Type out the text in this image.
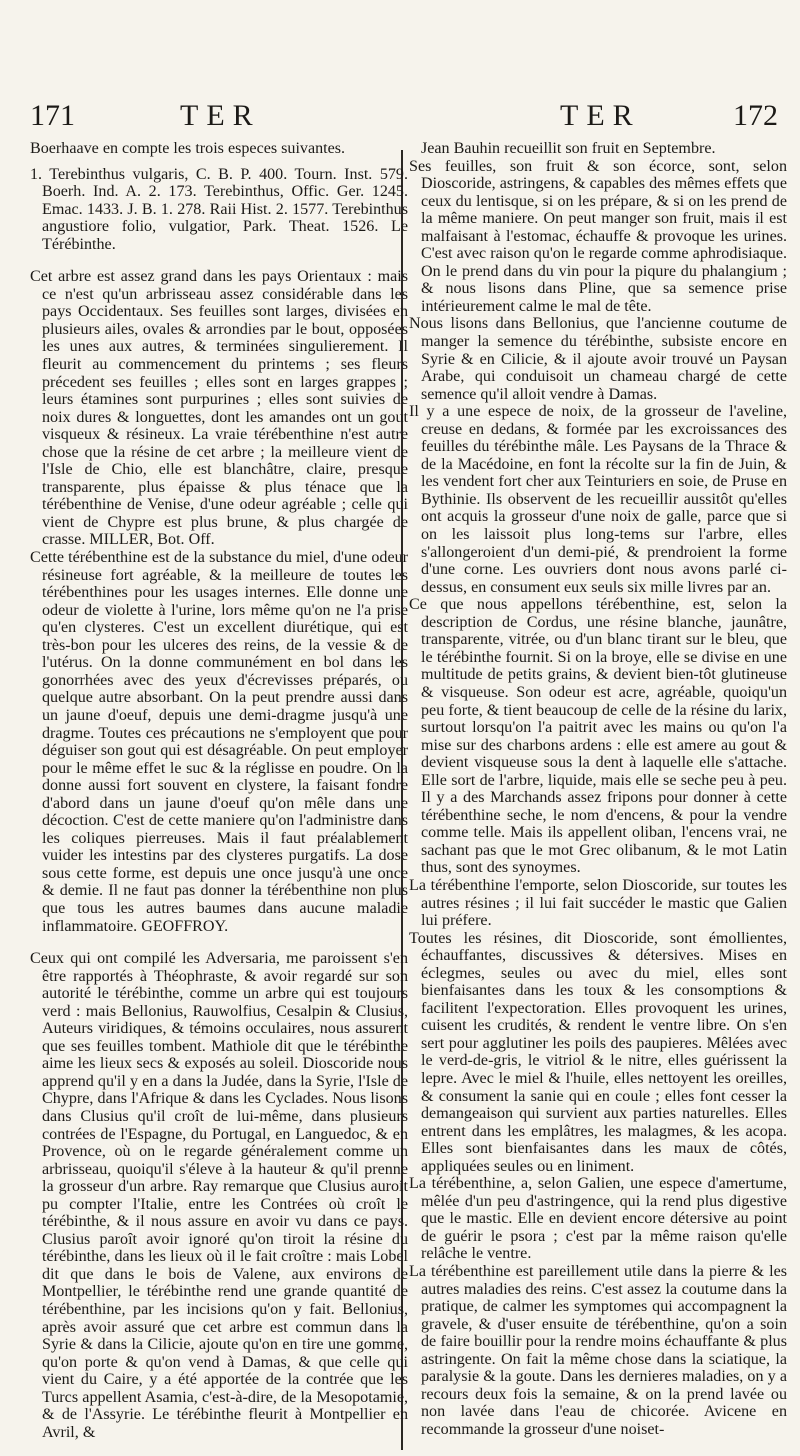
171	TER	TER	172

Boerhaave en compte les trois especes suivantes.

1. Terebinthus vulgaris, C. B. P. 400. Tourn. Inst. 579. Boerh. Ind. A. 2. 173. Terebinthus, Offic. Ger. 1245. Emac. 1433. J. B. 1. 278. Raii Hist. 2. 1577. Terebinthus angustiore folio, vulgatior, Park. Theat. 1526. Le Térébinthe.

Cet arbre est assez grand dans les pays Orientaux : mais ce n'est qu'un arbrisseau assez considérable dans les pays Occidentaux. Ses feuilles sont larges, divisées en plusieurs ailes, ovales & arrondies par le bout, opposées les unes aux autres, & terminées singulierement. Il fleurit au commencement du printems ; ses fleurs précedent ses feuilles ; elles sont en larges grappes ; leurs étamines sont purpurines ; elles sont suivies de noix dures & longuettes, dont les amandes ont un gout visqueux & résineux. La vraie térébenthine n'est autre chose que la résine de cet arbre ; la meilleure vient de l'Isle de Chio, elle est blanchâtre, claire, presque transparente, plus épaisse & plus ténace que la térébenthine de Venise, d'une odeur agréable ; celle qui vient de Chypre est plus brune, & plus chargée de crasse. MILLER, Bot. Off.

Cette térébenthine est de la substance du miel, d'une odeur résineuse fort agréable, & la meilleure de toutes les térébenthines pour les usages internes. Elle donne une odeur de violette à l'urine, lors même qu'on ne l'a prise qu'en clysteres. C'est un excellent diurétique, qui est très-bon pour les ulceres des reins, de la vessie & de l'utérus. On la donne communément en bol dans les gonorrhées avec des yeux d'écrevisses préparés, ou quelque autre absorbant. On la peut prendre aussi dans un jaune d'oeuf, depuis une demi-dragme jusqu'à une dragme. Toutes ces précautions ne s'employent que pour déguiser son gout qui est désagréable. On peut employer pour le même effet le suc & la réglisse en poudre. On la donne aussi fort souvent en clystere, la faisant fondre d'abord dans un jaune d'oeuf qu'on mêle dans une décoction. C'est de cette maniere qu'on l'administre dans les coliques pierreuses. Mais il faut préalablement vuider les intestins par des clysteres purgatifs. La dose sous cette forme, est depuis une once jusqu'à une once & demie. Il ne faut pas donner la térébenthine non plus que tous les autres baumes dans aucune maladie inflammatoire. GEOFFROY.

Ceux qui ont compilé les Adversaria, me paroissent s'en être rapportés à Théophraste, & avoir regardé sur son autorité le térébinthe, comme un arbre qui est toujours verd : mais Bellonius, Rauwolfius, Cesalpin & Clusius, Auteurs viridiques, & témoins occulaires, nous assurent que ses feuilles tombent. Mathiole dit que le térébinthe aime les lieux secs & exposés au soleil. Dioscoride nous apprend qu'il y en a dans la Judée, dans la Syrie, l'Isle de Chypre, dans l'Afrique & dans les Cyclades. Nous lisons dans Clusius qu'il croît de lui-même, dans plusieurs contrées de l'Espagne, du Portugal, en Languedoc, & en Provence, où on le regarde généralement comme un arbrisseau, quoiqu'il s'éleve à la hauteur & qu'il prenne la grosseur d'un arbre. Ray remarque que Clusius auroit pu compter l'Italie, entre les Contrées où croît le térébinthe, & il nous assure en avoir vu dans ce pays. Clusius paroît avoir ignoré qu'on tiroit la résine du térébinthe, dans les lieux où il le fait croître : mais Lobel dit que dans le bois de Valene, aux environs de Montpellier, le térébinthe rend une grande quantité de térébenthine, par les incisions qu'on y fait. Bellonius, après avoir assuré que cet arbre est commun dans la Syrie & dans la Cilicie, ajoute qu'on en tire une gomme, qu'on porte & qu'on vend à Damas, & que celle qui vient du Caire, y a été apportée de la contrée que les Turcs appellent Asamia, c'est-à-dire, de la Mesopotamie, & de l'Assyrie. Le térébinthe fleurit à Montpellier en Avril, &

Jean Bauhin recueillit son fruit en Septembre.

Ses feuilles, son fruit & son écorce, sont, selon Dioscoride, astringens, & capables des mêmes effets que ceux du lentisque, si on les prépare, & si on les prend de la même maniere. On peut manger son fruit, mais il est malfaisant à l'estomac, échauffe & provoque les urines. C'est avec raison qu'on le regarde comme aphrodisiaque. On le prend dans du vin pour la piqure du phalangium ; & nous lisons dans Pline, que sa semence prise intérieurement calme le mal de tête.

Nous lisons dans Bellonius, que l'ancienne coutume de manger la semence du térébinthe, subsiste encore en Syrie & en Cilicie, & il ajoute avoir trouvé un Paysan Arabe, qui conduisoit un chameau chargé de cette semence qu'il alloit vendre à Damas.

Il y a une espece de noix, de la grosseur de l'aveline, creuse en dedans, & formée par les excroissances des feuilles du térébinthe mâle. Les Paysans de la Thrace & de la Macédoine, en font la récolte sur la fin de Juin, & les vendent fort cher aux Teinturiers en soie, de Pruse en Bythinie. Ils observent de les recueillir aussitôt qu'elles ont acquis la grosseur d'une noix de galle, parce que si on les laissoit plus long-tems sur l'arbre, elles s'allongeroient d'un demi-pié, & prendroient la forme d'une corne. Les ouvriers dont nous avons parlé ci-dessus, en consument eux seuls six mille livres par an.

Ce que nous appellons térébenthine, est, selon la description de Cordus, une résine blanche, jaunâtre, transparente, vitrée, ou d'un blanc tirant sur le bleu, que le térébinthe fournit. Si on la broye, elle se divise en une multitude de petits grains, & devient bien-tôt glutineuse & visqueuse. Son odeur est acre, agréable, quoiqu'un peu forte, & tient beaucoup de celle de la résine du larix, surtout lorsqu'on l'a paitrit avec les mains ou qu'on l'a mise sur des charbons ardens : elle est amere au gout & devient visqueuse sous la dent à laquelle elle s'attache. Elle sort de l'arbre, liquide, mais elle se seche peu à peu. Il y a des Marchands assez fripons pour donner à cette térébenthine seche, le nom d'encens, & pour la vendre comme telle. Mais ils appellent oliban, l'encens vrai, ne sachant pas que le mot Grec olibanum, & le mot Latin thus, sont des synoymes.

La térébenthine l'emporte, selon Dioscoride, sur toutes les autres résines ; il lui fait succéder le mastic que Galien lui préfere.

Toutes les résines, dit Dioscoride, sont émollientes, échauffantes, discussives & détersives. Mises en éclegmes, seules ou avec du miel, elles sont bienfaisantes dans les toux & les consomptions & facilitent l'expectoration. Elles provoquent les urines, cuisent les crudités, & rendent le ventre libre. On s'en sert pour agglutiner les poils des paupieres. Mêlées avec le verd-de-gris, le vitriol & le nitre, elles guérissent la lepre. Avec le miel & l'huile, elles nettoyent les oreilles, & consument la sanie qui en coule ; elles font cesser la demangeaison qui survient aux parties naturelles. Elles entrent dans les emplâtres, les malagmes, & les acopa. Elles sont bienfaisantes dans les maux de côtés, appliquées seules ou en liniment.

La térébenthine, a, selon Galien, une espece d'amertume, mêlée d'un peu d'astringence, qui la rend plus digestive que le mastic. Elle en devient encore détersive au point de guérir le psora ; c'est par la même raison qu'elle relâche le ventre.

La térébenthine est pareillement utile dans la pierre & les autres maladies des reins. C'est assez la coutume dans la pratique, de calmer les symptomes qui accompagnent la gravele, & d'user ensuite de térébenthine, qu'on a soin de faire bouillir pour la rendre moins échauffante & plus astringente. On fait la même chose dans la sciatique, la paralysie & la goute. Dans les dernieres maladies, on y a recours deux fois la semaine, & on la prend lavée ou non lavée dans l'eau de chicorée. Avicene en recommande la grosseur d'une noiset-
